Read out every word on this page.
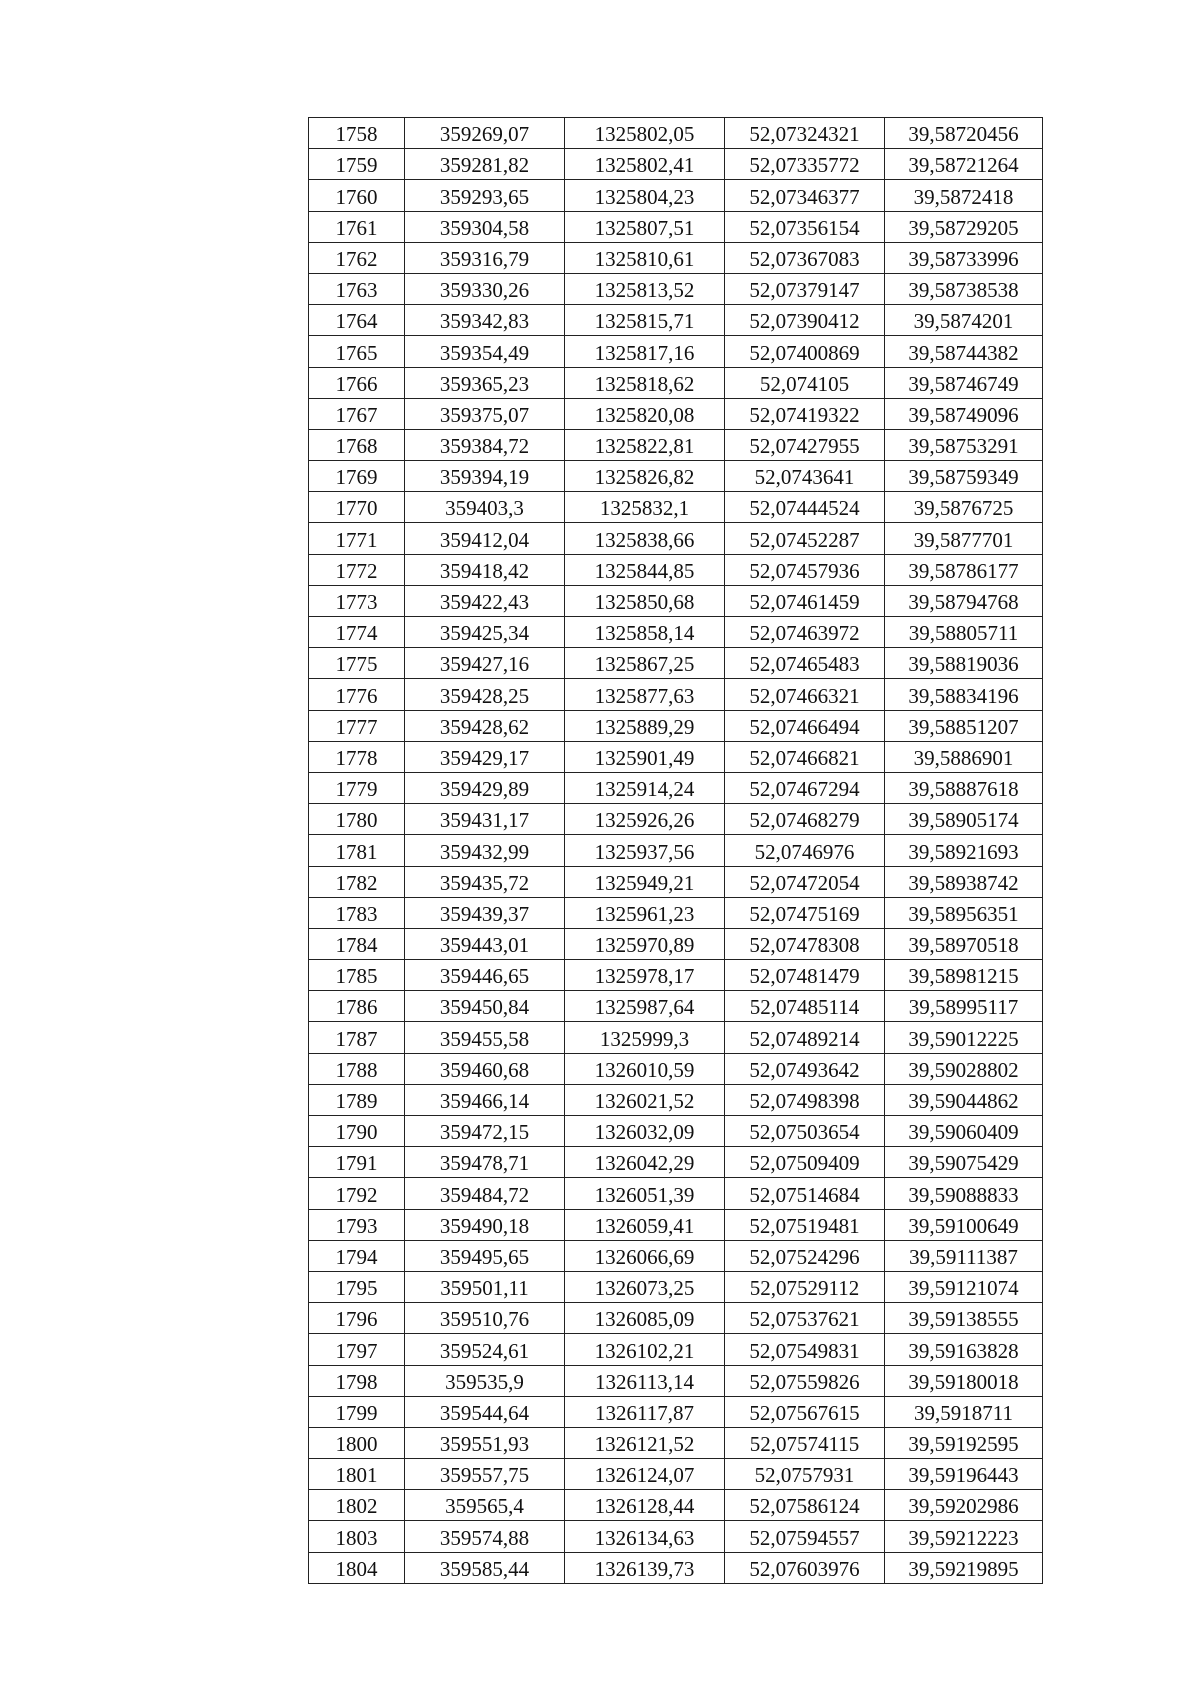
1758	359269,07	1325802,05	52,07324321	39,58720456
1759	359281,82	1325802,41	52,07335772	39,58721264
1760	359293,65	1325804,23	52,07346377	39,5872418
1761	359304,58	1325807,51	52,07356154	39,58729205
1762	359316,79	1325810,61	52,07367083	39,58733996
1763	359330,26	1325813,52	52,07379147	39,58738538
1764	359342,83	1325815,71	52,07390412	39,5874201
1765	359354,49	1325817,16	52,07400869	39,58744382
1766	359365,23	1325818,62	52,074105	39,58746749
1767	359375,07	1325820,08	52,07419322	39,58749096
1768	359384,72	1325822,81	52,07427955	39,58753291
1769	359394,19	1325826,82	52,0743641	39,58759349
1770	359403,3	1325832,1	52,07444524	39,5876725
1771	359412,04	1325838,66	52,07452287	39,5877701
1772	359418,42	1325844,85	52,07457936	39,58786177
1773	359422,43	1325850,68	52,07461459	39,58794768
1774	359425,34	1325858,14	52,07463972	39,58805711
1775	359427,16	1325867,25	52,07465483	39,58819036
1776	359428,25	1325877,63	52,07466321	39,58834196
1777	359428,62	1325889,29	52,07466494	39,58851207
1778	359429,17	1325901,49	52,07466821	39,5886901
1779	359429,89	1325914,24	52,07467294	39,58887618
1780	359431,17	1325926,26	52,07468279	39,58905174
1781	359432,99	1325937,56	52,0746976	39,58921693
1782	359435,72	1325949,21	52,07472054	39,58938742
1783	359439,37	1325961,23	52,07475169	39,58956351
1784	359443,01	1325970,89	52,07478308	39,58970518
1785	359446,65	1325978,17	52,07481479	39,58981215
1786	359450,84	1325987,64	52,07485114	39,58995117
1787	359455,58	1325999,3	52,07489214	39,59012225
1788	359460,68	1326010,59	52,07493642	39,59028802
1789	359466,14	1326021,52	52,07498398	39,59044862
1790	359472,15	1326032,09	52,07503654	39,59060409
1791	359478,71	1326042,29	52,07509409	39,59075429
1792	359484,72	1326051,39	52,07514684	39,59088833
1793	359490,18	1326059,41	52,07519481	39,59100649
1794	359495,65	1326066,69	52,07524296	39,59111387
1795	359501,11	1326073,25	52,07529112	39,59121074
1796	359510,76	1326085,09	52,07537621	39,59138555
1797	359524,61	1326102,21	52,07549831	39,59163828
1798	359535,9	1326113,14	52,07559826	39,59180018
1799	359544,64	1326117,87	52,07567615	39,5918711
1800	359551,93	1326121,52	52,07574115	39,59192595
1801	359557,75	1326124,07	52,0757931	39,59196443
1802	359565,4	1326128,44	52,07586124	39,59202986
1803	359574,88	1326134,63	52,07594557	39,59212223
1804	359585,44	1326139,73	52,07603976	39,59219895
